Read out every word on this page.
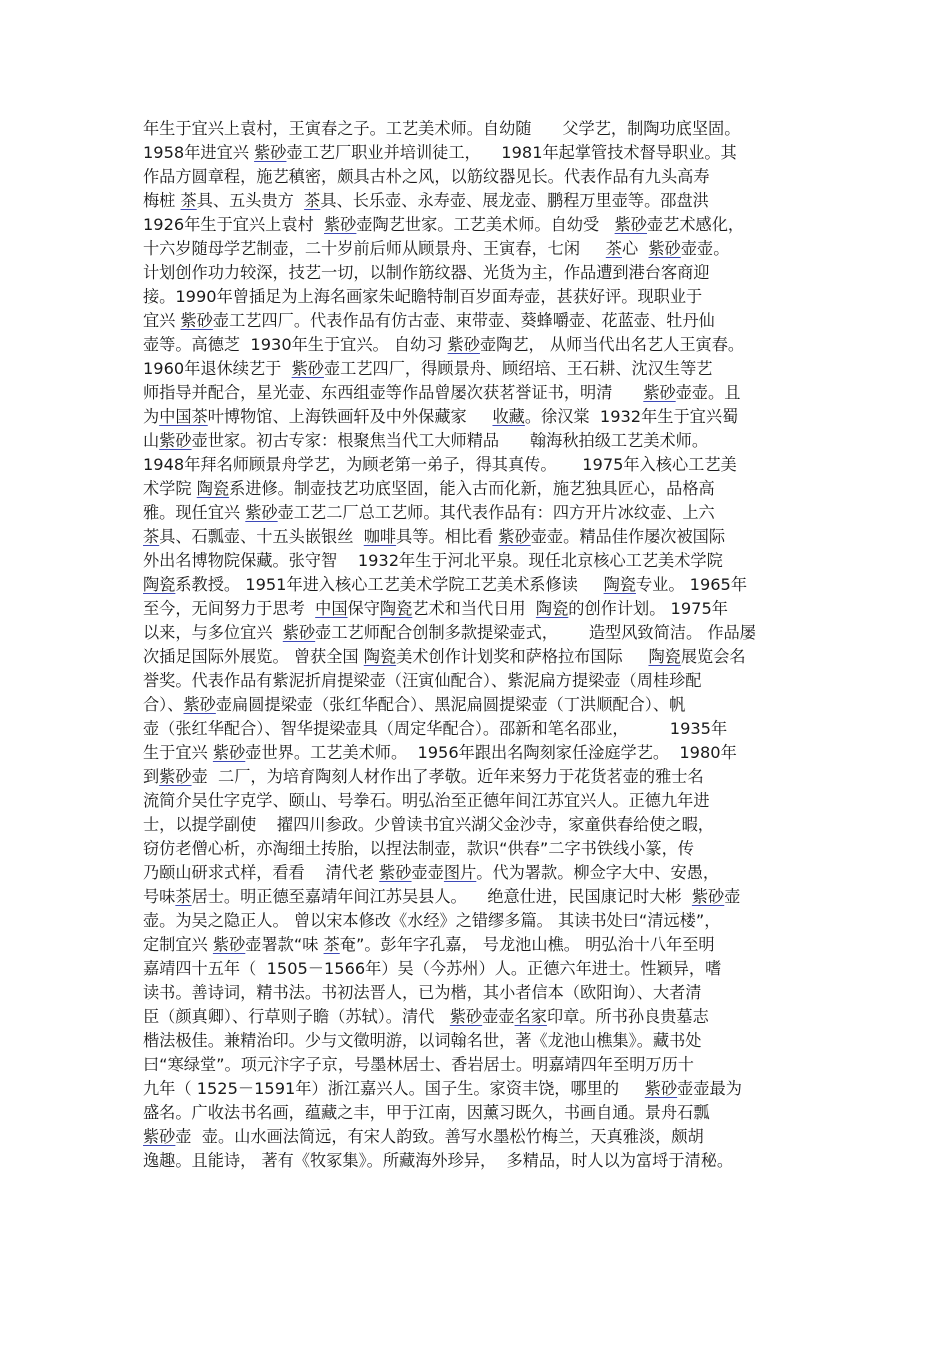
年生于宜兴上袁村，王寅春之子。工艺美术师。自幼随      父学艺，制陶功底坚固。
1958年进宜兴 紫砂壶工艺厂职业并培训徒工，    1981年起掌管技术督导职业。其
作品方圆章程，施艺稹密，颇具古朴之风，以筋纹器见长。代表作品有九头高寿
梅桩 茶具、五头贵方  茶具、长乐壶、永寿壶、展龙壶、鹏程万里壶等。邵盘洪
1926年生于宜兴上袁村  紫砂壶陶艺世家。工艺美术师。自幼受   紫砂壶艺术感化，
十六岁随母学艺制壶，二十岁前后师从顾景舟、王寅春，七闲     茶心  紫砂壶壶。
计划创作功力较深，技艺一切，以制作筋纹器、光货为主，作品遭到港台客商迎
接。1990年曾插足为上海名画家朱屺瞻特制百岁面寿壶，甚获好评。现职业于
宜兴 紫砂壶工艺四厂。代表作品有仿古壶、束带壶、葵蜂嚼壶、花蓝壶、牡丹仙
壶等。高德芝  1930年生于宜兴。 自幼习 紫砂壶陶艺， 从师当代出名艺人王寅春。
1960年退休续艺于  紫砂壶工艺四厂，得顾景舟、顾绍培、王石耕、沈汉生等艺
师指导并配合，星光壶、东西组壶等作品曾屡次获茗誉证书，明清      紫砂壶壶。且
为中国茶叶博物馆、上海铁画轩及中外保藏家     收藏。徐汉棠  1932年生于宜兴蜀
山紫砂壶世家。初古专家：根聚焦当代工大师精品      翰海秋拍级工艺美术师。
1948年拜名师顾景舟学艺，为顾老第一弟子，得其真传。     1975年入核心工艺美
术学院 陶瓷系进修。制壶技艺功底坚固，能入古而化新，施艺独具匠心，品格高
雅。现任宜兴 紫砂壶工艺二厂总工艺师。其代表作品有：四方开片冰纹壶、上六
茶具、石瓢壶、十五头嵌银丝  咖啡具等。相比看 紫砂壶壶。精品佳作屡次被国际
外出名博物院保藏。张守智    1932年生于河北平泉。现任北京核心工艺美术学院
陶瓷系教授。 1951年进入核心工艺美术学院工艺美术系修读     陶瓷专业。 1965年
至今，无间努力于思考  中国保守陶瓷艺术和当代日用  陶瓷的创作计划。 1975年
以来，与多位宜兴  紫砂壶工艺师配合创制多款提梁壶式，      造型风致简洁。 作品屡
次插足国际外展览。 曾获全国 陶瓷美术创作计划奖和萨格拉布国际     陶瓷展览会名
誉奖。代表作品有紫泥折肩提梁壶（汪寅仙配合）、紫泥扁方提梁壶（周桂珍配
合）、紫砂壶扁圆提梁壶（张红华配合）、黑泥扁圆提梁壶（丁洪顺配合）、帆
壶（张红华配合）、智华提梁壶具（周定华配合）。邵新和笔名邵业，        1935年
生于宜兴 紫砂壶世界。工艺美术师。  1956年跟出名陶刻家任淦庭学艺。  1980年
到紫砂壶  二厂，为培育陶刻人材作出了孝敬。近年来努力于花货茗壶的雅士名
流简介吴仕字克学、颐山、号拳石。明弘治至正德年间江苏宜兴人。正德九年进
士，以提学副使    擢四川参政。少曾读书宜兴湖父金沙寺，家童供春给使之暇，
窃仿老僧心析，亦淘细土抟胎，以捏法制壶，款识“供春”二字书铁线小篆，传
乃颐山研求式样，看看    清代老 紫砂壶壶图片。代为署款。柳佥字大中、安愚，
号味茶居士。明正德至嘉靖年间江苏吴县人。    绝意仕进，民国康记时大彬  紫砂壶
壶。为吴之隐正人。 曾以宋本修改《水经》之错缪多篇。 其读书处曰“清远楼”，
定制宜兴 紫砂壶署款“味 茶奄”。彭年字孔嘉， 号龙池山樵。 明弘治十八年至明
嘉靖四十五年（  1505－1566年）吴（今苏州）人。正德六年进士。性颖异，嗜
读书。善诗词，精书法。书初法晋人，已为楷，其小者信本（欧阳询）、大者清
臣（颜真卿）、行草则子瞻（苏轼）。清代   紫砂壶壶名家印章。所书孙良贵墓志
楷法极佳。兼精治印。少与文徵明游，以词翰名世，著《龙池山樵集》。藏书处
曰“寒绿堂”。项元汴字子京，号墨林居士、香岩居士。明嘉靖四年至明万历十
九年（ 1525－1591年）浙江嘉兴人。国子生。家资丰饶，哪里的     紫砂壶壶最为
盛名。广收法书名画，蕴藏之丰，甲于江南，因薰习既久，书画自通。景舟石瓢
紫砂壶  壶。山水画法简远，有宋人韵致。善写水墨松竹梅兰，天真雅淡，颇胡
逸趣。且能诗， 著有《牧冢集》。所藏海外珍异，  多精品，时人以为富埒于清秘。
